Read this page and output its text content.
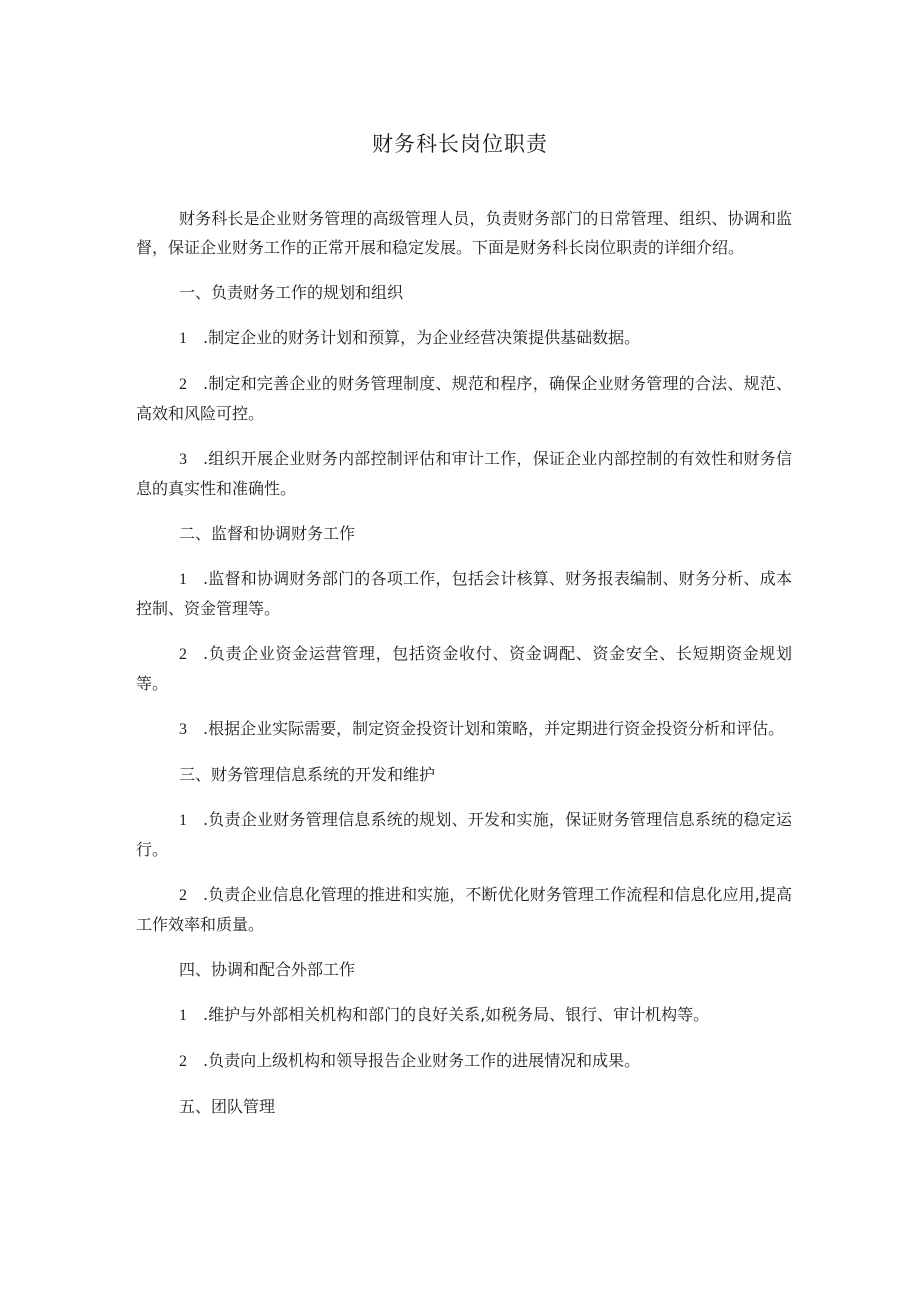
财务科长岗位职责

财务科长是企业财务管理的高级管理人员，负责财务部门的日常管理、组织、协调和监督，保证企业财务工作的正常开展和稳定发展。下面是财务科长岗位职责的详细介绍。

一、负责财务工作的规划和组织

1 .制定企业的财务计划和预算，为企业经营决策提供基础数据。

2 .制定和完善企业的财务管理制度、规范和程序，确保企业财务管理的合法、规范、高效和风险可控。

3 .组织开展企业财务内部控制评估和审计工作，保证企业内部控制的有效性和财务信息的真实性和准确性。

二、监督和协调财务工作

1 .监督和协调财务部门的各项工作，包括会计核算、财务报表编制、财务分析、成本控制、资金管理等。

2 .负责企业资金运营管理，包括资金收付、资金调配、资金安全、长短期资金规划等。

3 .根据企业实际需要，制定资金投资计划和策略，并定期进行资金投资分析和评估。

三、财务管理信息系统的开发和维护

1 .负责企业财务管理信息系统的规划、开发和实施，保证财务管理信息系统的稳定运行。

2 .负责企业信息化管理的推进和实施，不断优化财务管理工作流程和信息化应用,提高工作效率和质量。

四、协调和配合外部工作

1 .维护与外部相关机构和部门的良好关系,如税务局、银行、审计机构等。

2 .负责向上级机构和领导报告企业财务工作的进展情况和成果。

五、团队管理
